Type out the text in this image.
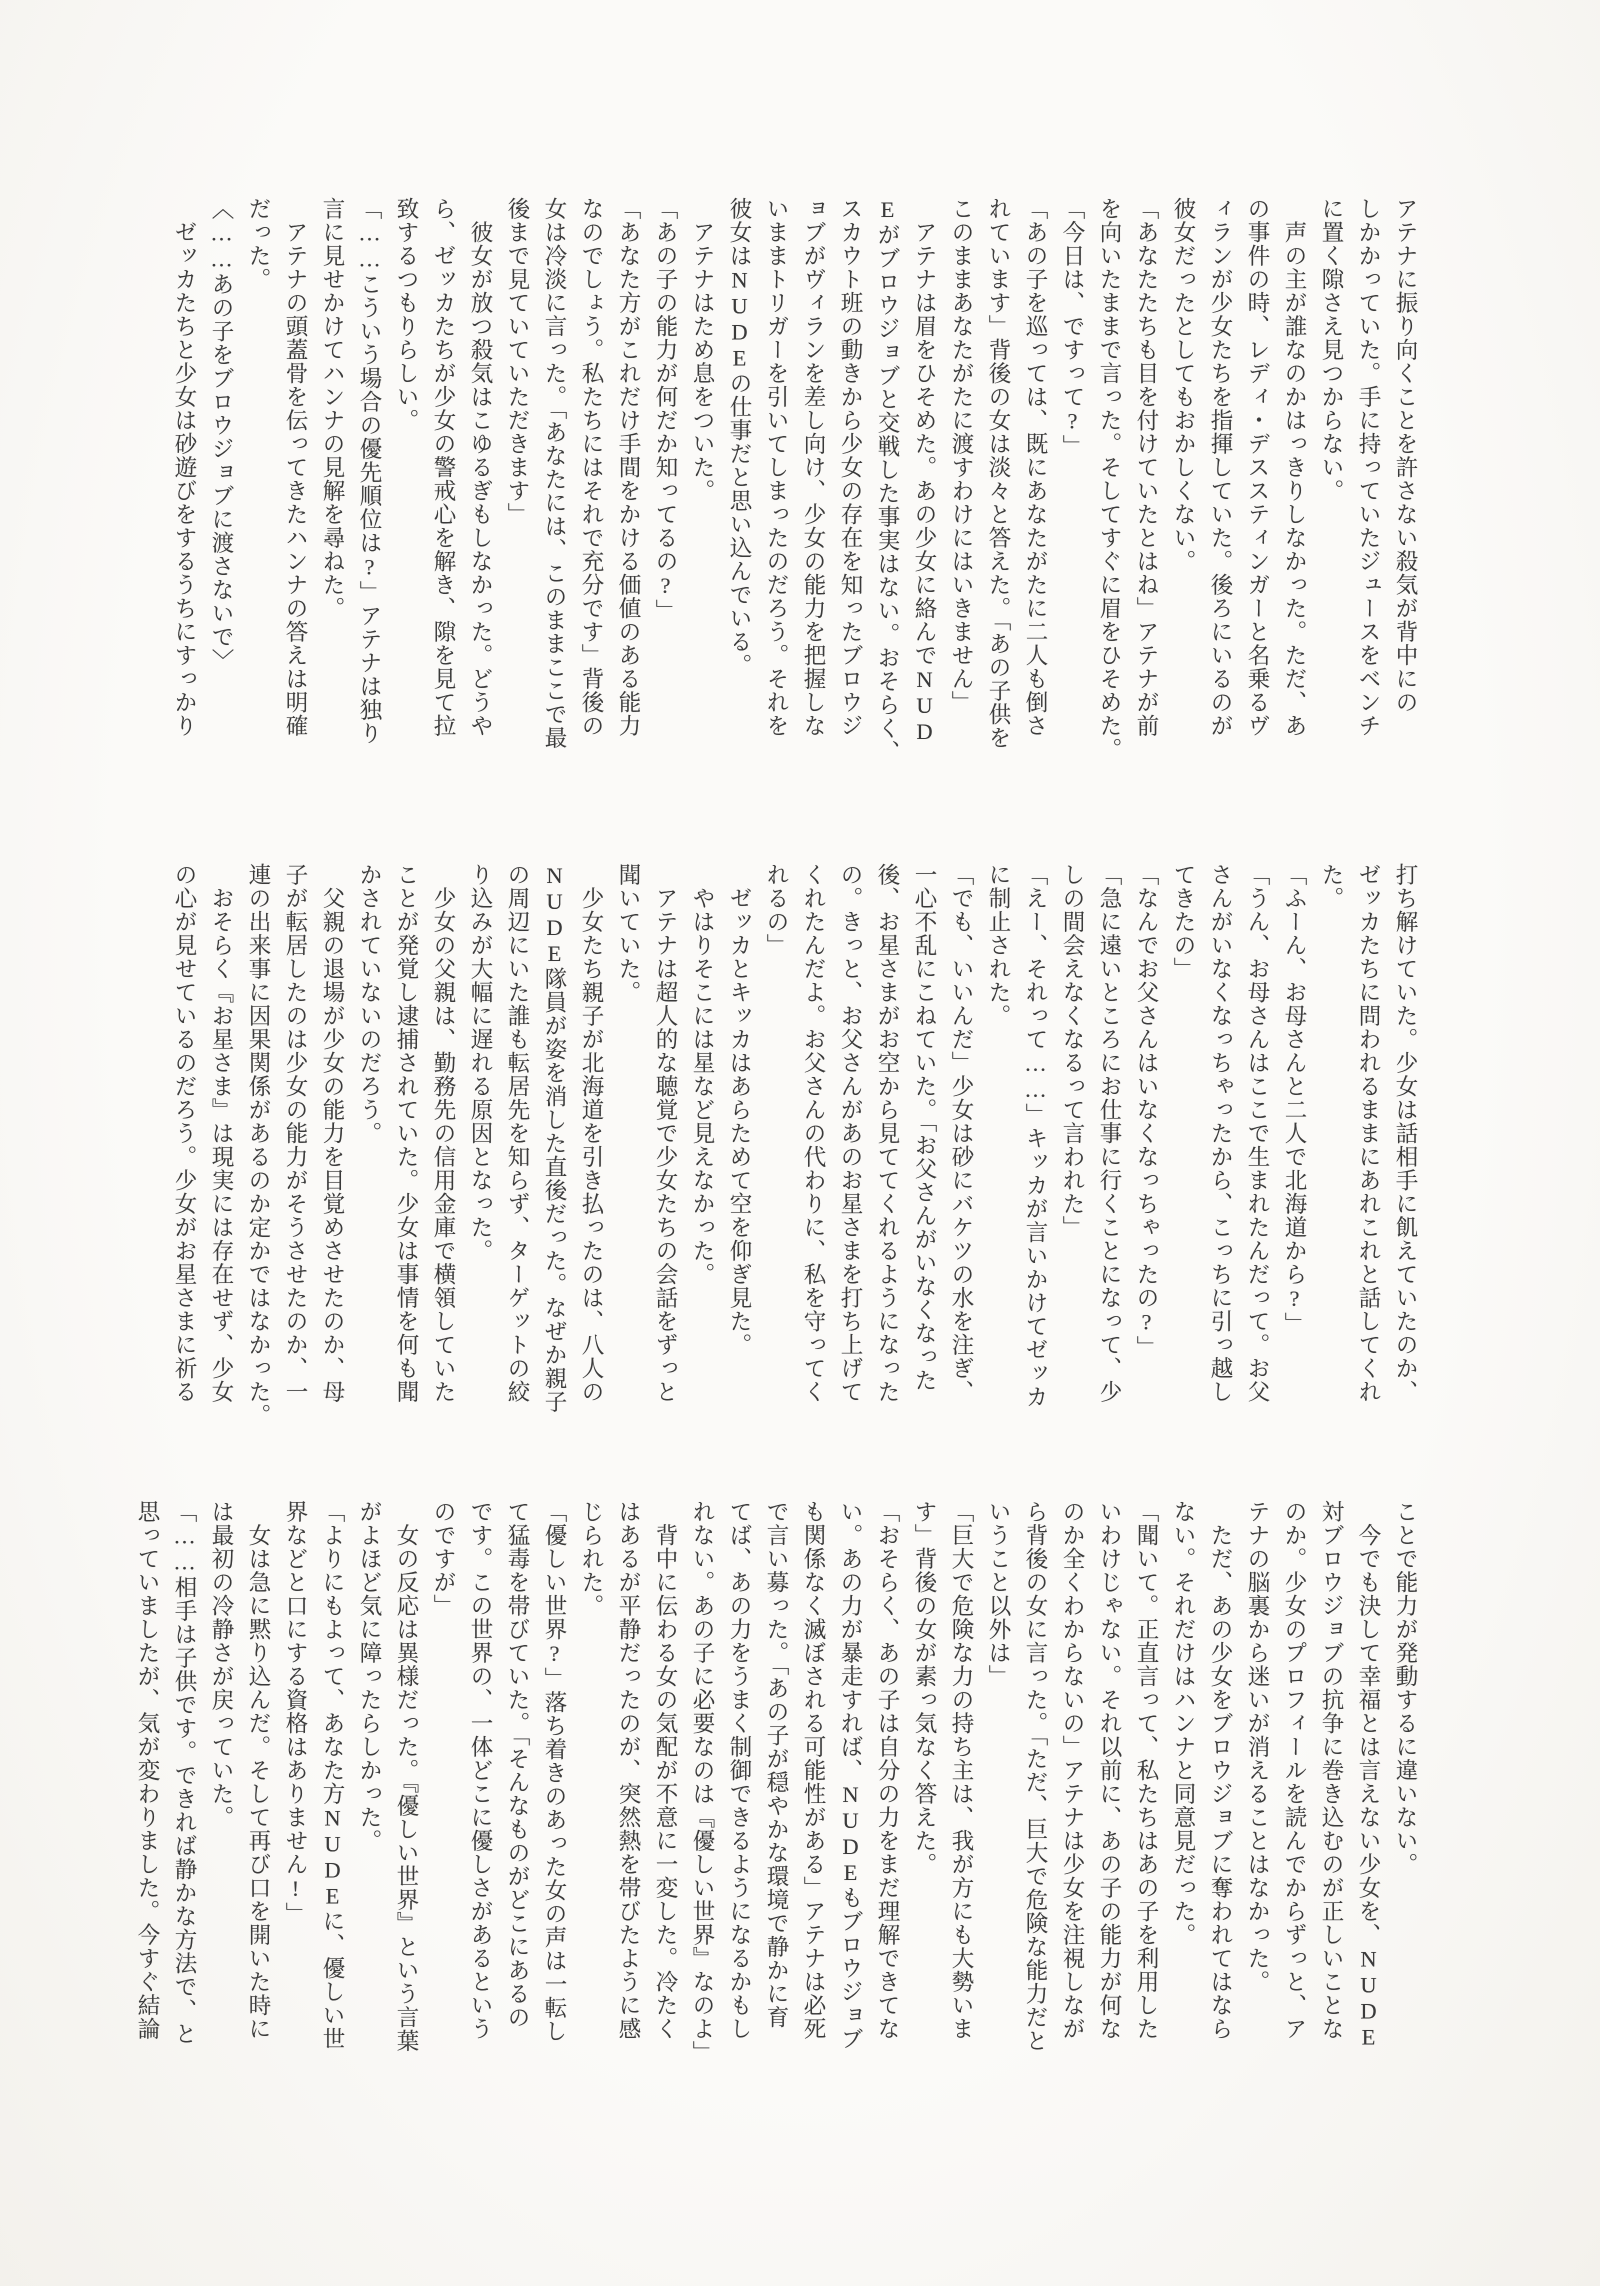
アテナに振り向くことを許さない殺気が背中にの

しかかっていた。手に持っていたジュースをベンチ

に置く隙さえ見つからない。

　声の主が誰なのかはっきりしなかった。ただ、あ

の事件の時、レディ・デススティンガーと名乗るヴ

ィランが少女たちを指揮していた。後ろにいるのが

彼女だったとしてもおかしくない。

「あなたたちも目を付けていたとはね」アテナが前

を向いたままで言った。そしてすぐに眉をひそめた。

「今日は、ですって?」

「あの子を巡っては、既にあなたがたに二人も倒さ

れています」背後の女は淡々と答えた。「あの子供を

このままあなたがたに渡すわけにはいきません」

　アテナは眉をひそめた。あの少女に絡んでNUD

Eがブロウジョブと交戦した事実はない。おそらく、

スカウト班の動きから少女の存在を知ったブロウジ

ョブがヴィランを差し向け、少女の能力を把握しな

いままトリガーを引いてしまったのだろう。それを

彼女はNUDEの仕事だと思い込んでいる。

　アテナはため息をついた。

「あの子の能力が何だか知ってるの?」

「あなた方がこれだけ手間をかける価値のある能力

なのでしょう。私たちにはそれで充分です」背後の

女は冷淡に言った。「あなたには、このままここで最

後まで見ていていただきます」

　彼女が放つ殺気はこゆるぎもしなかった。どうや

ら、ゼッカたちが少女の警戒心を解き、隙を見て拉

致するつもりらしい。

「……こういう場合の優先順位は?」アテナは独り

言に見せかけてハンナの見解を尋ねた。

　アテナの頭蓋骨を伝ってきたハンナの答えは明確

だった。

〈……あの子をブロウジョブに渡さないで〉

　ゼッカたちと少女は砂遊びをするうちにすっかり

打ち解けていた。少女は話相手に飢えていたのか、

ゼッカたちに問われるままにあれこれと話してくれ

た。

「ふーん、お母さんと二人で北海道から?」

「うん、お母さんはここで生まれたんだって。お父

さんがいなくなっちゃったから、こっちに引っ越し

てきたの」

「なんでお父さんはいなくなっちゃったの?」

「急に遠いところにお仕事に行くことになって、少

しの間会えなくなるって言われた」

「えー、それって……」キッカが言いかけてゼッカ

に制止された。

「でも、いいんだ」少女は砂にバケツの水を注ぎ、

一心不乱にこねていた。「お父さんがいなくなった

後、お星さまがお空から見ててくれるようになった

の。きっと、お父さんがあのお星さまを打ち上げて

くれたんだよ。お父さんの代わりに、私を守ってく

れるの」

　ゼッカとキッカはあらためて空を仰ぎ見た。

　やはりそこには星など見えなかった。

　アテナは超人的な聴覚で少女たちの会話をずっと

聞いていた。

　少女たち親子が北海道を引き払ったのは、八人の

NUDE隊員が姿を消した直後だった。なぜか親子

の周辺にいた誰も転居先を知らず、ターゲットの絞

り込みが大幅に遅れる原因となった。

　少女の父親は、勤務先の信用金庫で横領していた

ことが発覚し逮捕されていた。少女は事情を何も聞

かされていないのだろう。

　父親の退場が少女の能力を目覚めさせたのか、母

子が転居したのは少女の能力がそうさせたのか、一

連の出来事に因果関係があるのか定かではなかった。

　おそらく『お星さま』は現実には存在せず、少女

の心が見せているのだろう。少女がお星さまに祈る

ことで能力が発動するに違いない。

　今でも決して幸福とは言えない少女を、NUDE

対ブロウジョブの抗争に巻き込むのが正しいことな

のか。少女のプロフィールを読んでからずっと、ア

テナの脳裏から迷いが消えることはなかった。

　ただ、あの少女をブロウジョブに奪われてはなら

ない。それだけはハンナと同意見だった。

「聞いて。正直言って、私たちはあの子を利用した

いわけじゃない。それ以前に、あの子の能力が何な

のか全くわからないの」アテナは少女を注視しなが

ら背後の女に言った。「ただ、巨大で危険な能力だと

いうこと以外は」

「巨大で危険な力の持ち主は、我が方にも大勢いま

す」背後の女が素っ気なく答えた。

「おそらく、あの子は自分の力をまだ理解できてな

い。あの力が暴走すれば、NUDEもブロウジョブ

も関係なく滅ぼされる可能性がある」アテナは必死

で言い募った。「あの子が穏やかな環境で静かに育

てば、あの力をうまく制御できるようになるかもし

れない。あの子に必要なのは『優しい世界』なのよ」

　背中に伝わる女の気配が不意に一変した。冷たく

はあるが平静だったのが、突然熱を帯びたように感

じられた。

「優しい世界?」落ち着きのあった女の声は一転し

て猛毒を帯びていた。「そんなものがどこにあるの

です。この世界の、一体どこに優しさがあるという

のですが」

　女の反応は異様だった。『優しい世界』という言葉

がよほど気に障ったらしかった。

「よりにもよって、あなた方NUDEに、優しい世

界などと口にする資格はありません!」

　女は急に黙り込んだ。そして再び口を開いた時に

は最初の冷静さが戻っていた。

「……相手は子供です。できれば静かな方法で、と

思っていましたが、気が変わりました。今すぐ結論
